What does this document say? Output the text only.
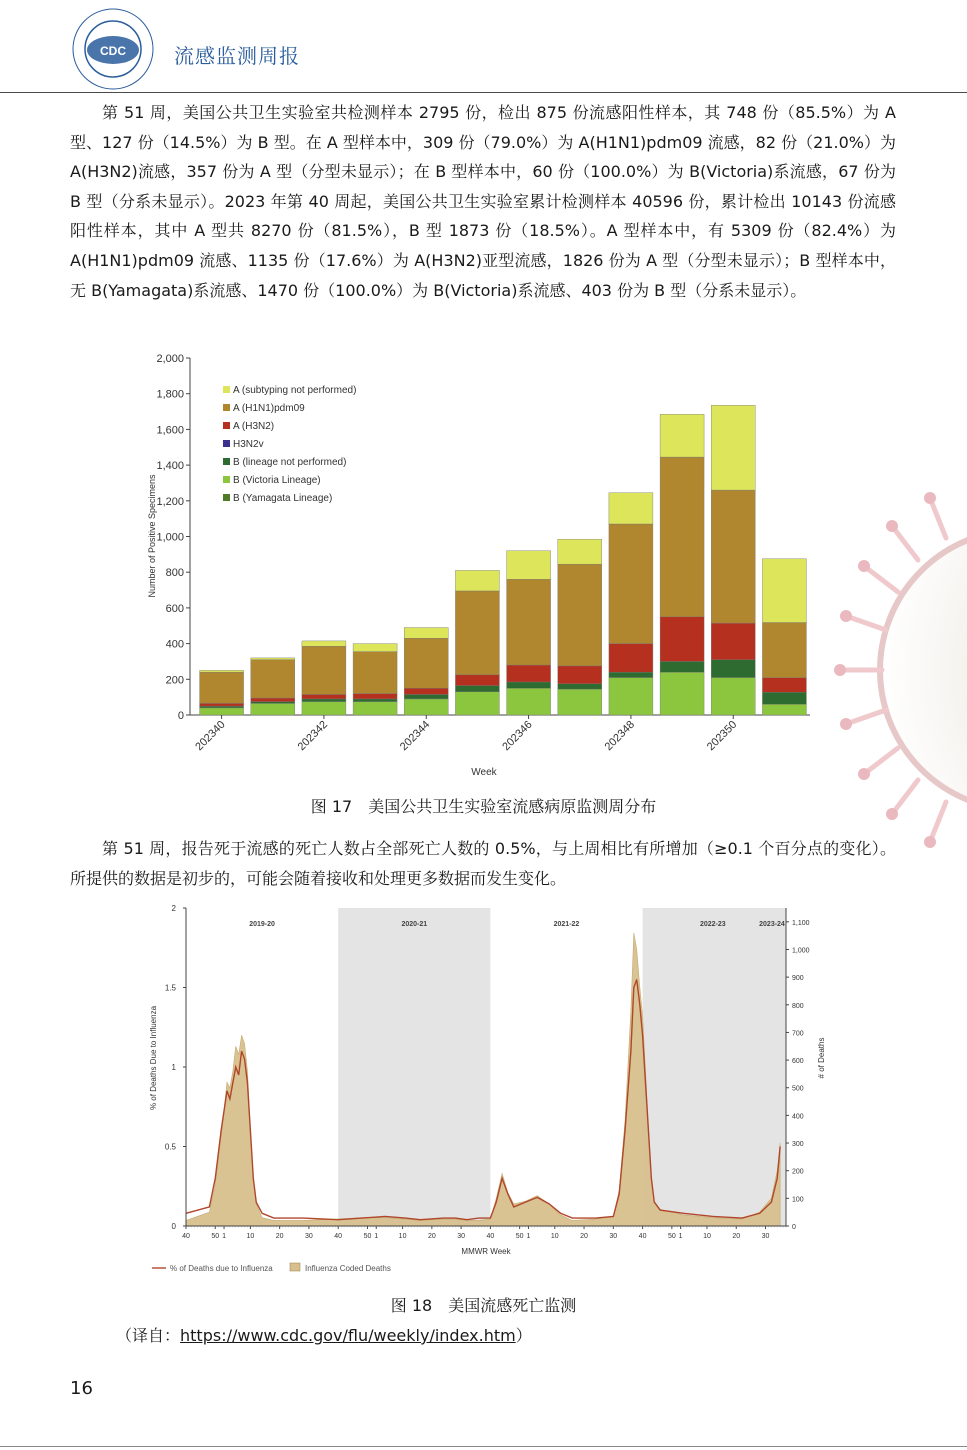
CDC 流感监测周报

第 51 周，美国公共卫生实验室共检测样本 2795 份，检出 875 份流感阳性样本，其 748 份（85.5%）为 A 型、127 份（14.5%）为 B 型。在 A 型样本中，309 份（79.0%）为 A(H1N1)pdm09 流感，82 份（21.0%）为 A(H3N2)流感，357 份为 A 型（分型未显示）；在 B 型样本中，60 份（100.0%）为 B(Victoria)系流感，67 份为 B 型（分系未显示）。2023 年第 40 周起，美国公共卫生实验室累计检测样本 40596 份，累计检出 10143 份流感阳性样本，其中 A 型共 8270 份（81.5%），B 型 1873 份（18.5%）。A 型样本中，有 5309 份（82.4%）为 A(H1N1)pdm09 流感、1135 份（17.6%）为 A(H3N2)亚型流感，1826 份为 A 型（分型未显示）；B 型样本中，无 B(Yamagata)系流感、1470 份（100.0%）为 B(Victoria)系流感、403 份为 B 型（分系未显示）。

0
200
400
600
800
1,000
1,200
1,400
1,600
1,800
2,000
202340	202342	202344	202346	202348	202350
Week
Number of Positive Specimens
A (subtyping not performed)
A (H1N1)pdm09
A (H3N2)
H3N2v
B (lineage not performed)
B (Victoria Lineage)
B (Yamagata Lineage)
图 17　美国公共卫生实验室流感病原监测周分布

第 51 周，报告死于流感的死亡人数占全部死亡人数的 0.5%，与上周相比有所增加（≥0.1 个百分点的变化）。所提供的数据是初步的，可能会随着接收和处理更多数据而发生变化。

2019-20	2020-21	2021-22	2022-23	2023-24
0
0.5
1
1.5
2
0
100
200
300
400
500
600
700
800
900
1,000
1,100
40	50 1	10	20	30	40	50 1	10	20	30	40	50 1	10	20	30	40	50 1	10	20	30
MMWR Week
% of Deaths Due to Influenza	# of Deaths
% of Deaths due to Influenza	Influenza Coded Deaths
图 18　美国流感死亡监测
（译自：https://www.cdc.gov/flu/weekly/index.htm）
16
